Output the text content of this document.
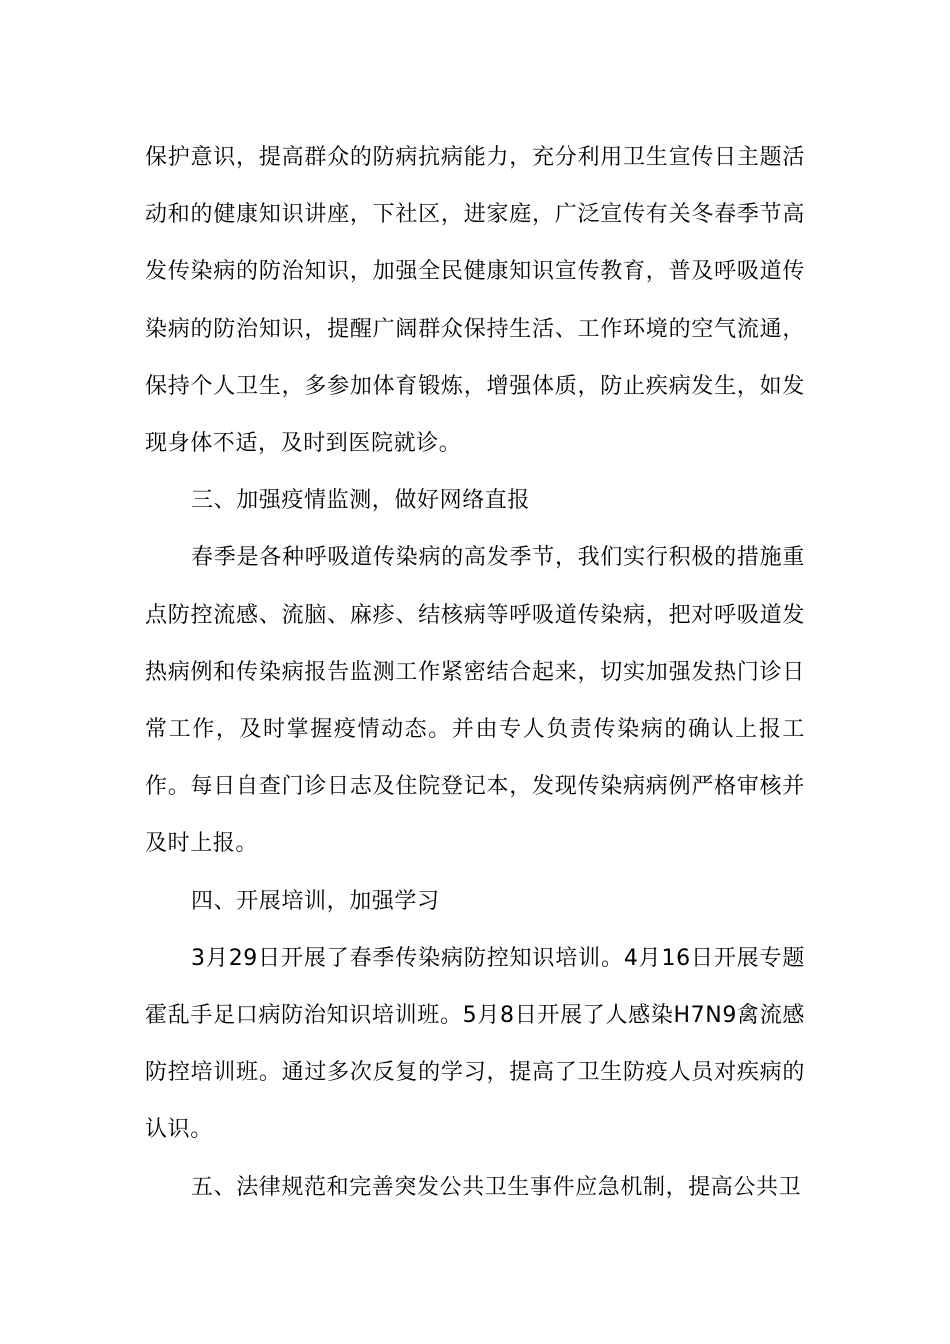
保护意识，提高群众的防病抗病能力，充分利用卫生宣传日主题活动和的健康知识讲座，下社区，进家庭，广泛宣传有关冬春季节高发传染病的防治知识，加强全民健康知识宣传教育，普及呼吸道传染病的防治知识，提醒广阔群众保持生活、工作环境的空气流通，保持个人卫生，多参加体育锻炼，增强体质，防止疾病发生，如发现身体不适，及时到医院就诊。

三、加强疫情监测，做好网络直报

春季是各种呼吸道传染病的高发季节，我们实行积极的措施重点防控流感、流脑、麻疹、结核病等呼吸道传染病，把对呼吸道发热病例和传染病报告监测工作紧密结合起来，切实加强发热门诊日常工作，及时掌握疫情动态。并由专人负责传染病的确认上报工作。每日自查门诊日志及住院登记本，发现传染病病例严格审核并及时上报。

四、开展培训，加强学习

3月29日开展了春季传染病防控知识培训。4月16日开展专题霍乱手足口病防治知识培训班。5月8日开展了人感染H7N9禽流感防控培训班。通过多次反复的学习，提高了卫生防疫人员对疾病的认识。

五、法律规范和完善突发公共卫生事件应急机制，提高公共卫
